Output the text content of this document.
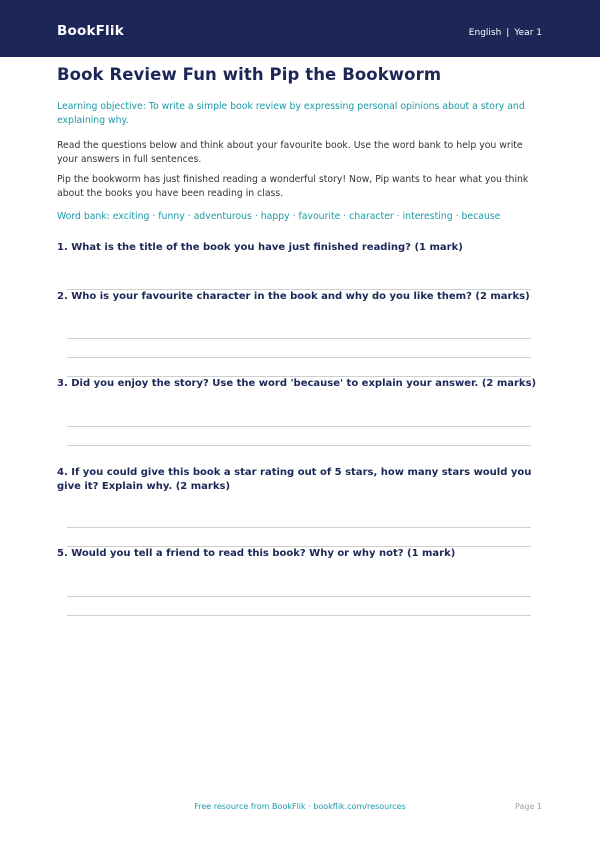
BookFlik	English | Year 1
Book Review Fun with Pip the Bookworm

Learning objective: To write a simple book review by expressing personal opinions about a story and explaining why.

Read the questions below and think about your favourite book. Use the word bank to help you write your answers in full sentences.

Pip the bookworm has just finished reading a wonderful story! Now, Pip wants to hear what you think about the books you have been reading in class.

Word bank: exciting · funny · adventurous · happy · favourite · character · interesting · because

1. What is the title of the book you have just finished reading? (1 mark)
2. Who is your favourite character in the book and why do you like them? (2 marks)
3. Did you enjoy the story? Use the word 'because' to explain your answer. (2 marks)
4. If you could give this book a star rating out of 5 stars, how many stars would you give it? Explain why. (2 marks)
5. Would you tell a friend to read this book? Why or why not? (1 mark)
Free resource from BookFlik · bookflik.com/resources	Page 1
